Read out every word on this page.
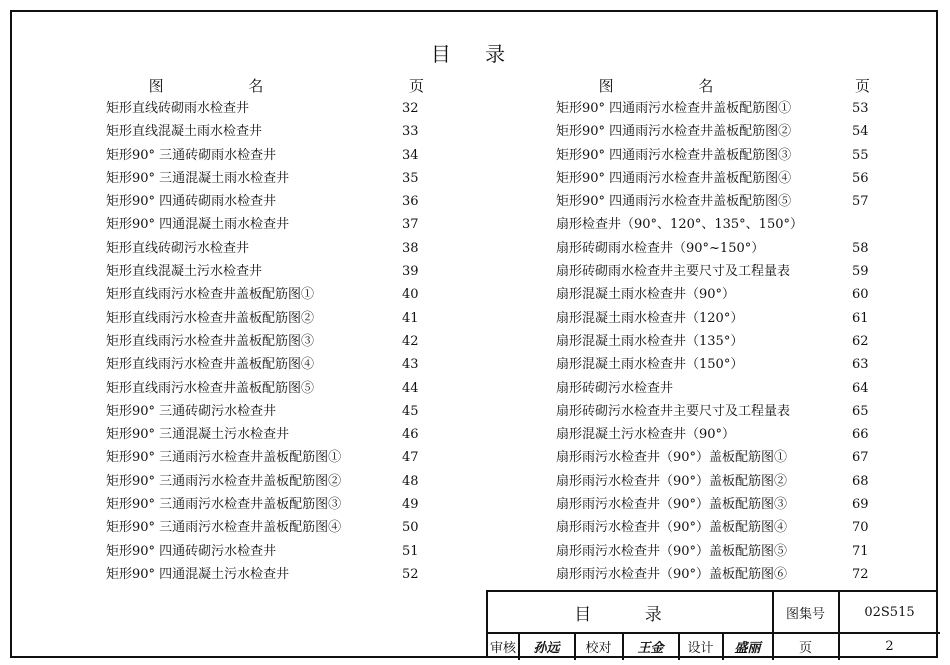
目 录
图 名	页
矩形直线砖砌雨水检查井	32
矩形直线混凝土雨水检查井	33
矩形90° 三通砖砌雨水检查井	34
矩形90° 三通混凝土雨水检查井	35
矩形90° 四通砖砌雨水检查井	36
矩形90° 四通混凝土雨水检查井	37
矩形直线砖砌污水检查井	38
矩形直线混凝土污水检查井	39
矩形直线雨污水检查井盖板配筋图①	40
矩形直线雨污水检查井盖板配筋图②	41
矩形直线雨污水检查井盖板配筋图③	42
矩形直线雨污水检查井盖板配筋图④	43
矩形直线雨污水检查井盖板配筋图⑤	44
矩形90° 三通砖砌污水检查井	45
矩形90° 三通混凝土污水检查井	46
矩形90° 三通雨污水检查井盖板配筋图①	47
矩形90° 三通雨污水检查井盖板配筋图②	48
矩形90° 三通雨污水检查井盖板配筋图③	49
矩形90° 三通雨污水检查井盖板配筋图④	50
矩形90° 四通砖砌污水检查井	51
矩形90° 四通混凝土污水检查井	52
图 名	页
矩形90° 四通雨污水检查井盖板配筋图①	53
矩形90° 四通雨污水检查井盖板配筋图②	54
矩形90° 四通雨污水检查井盖板配筋图③	55
矩形90° 四通雨污水检查井盖板配筋图④	56
矩形90° 四通雨污水检查井盖板配筋图⑤	57
扇形检查井（90°、120°、135°、150°）
扇形砖砌雨水检查井（90°~150°）	58
扇形砖砌雨水检查井主要尺寸及工程量表	59
扇形混凝土雨水检查井（90°）	60
扇形混凝土雨水检查井（120°）	61
扇形混凝土雨水检查井（135°）	62
扇形混凝土雨水检查井（150°）	63
扇形砖砌污水检查井	64
扇形砖砌污水检查井主要尺寸及工程量表	65
扇形混凝土污水检查井（90°）	66
扇形雨污水检查井（90°）盖板配筋图①	67
扇形雨污水检查井（90°）盖板配筋图②	68
扇形雨污水检查井（90°）盖板配筋图③	69
扇形雨污水检查井（90°）盖板配筋图④	70
扇形雨污水检查井（90°）盖板配筋图⑤	71
扇形雨污水检查井（90°）盖板配筋图⑥	72
目 录	图集号	02S515
审核	孙远	校对	王金	设计	盛丽	页	2
